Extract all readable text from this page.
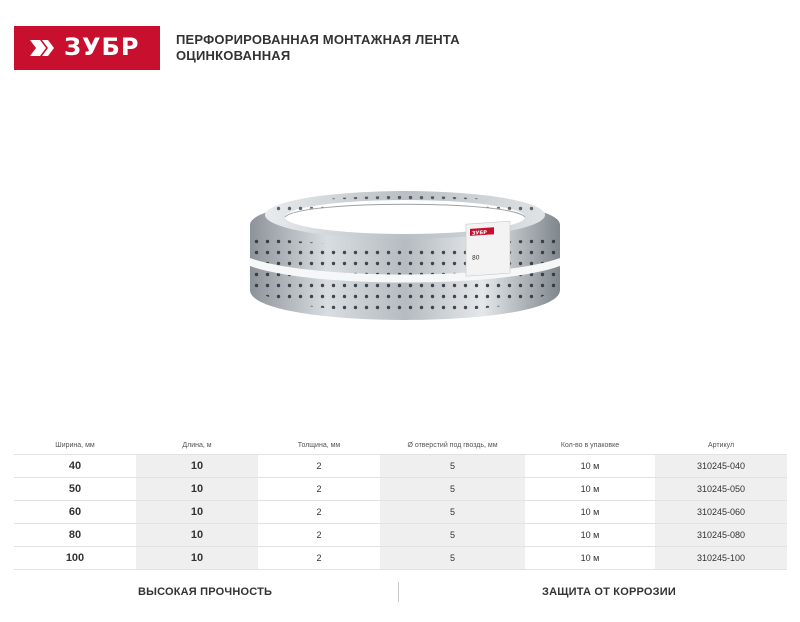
ЗУБР	ПЕРФОРИРОВАННАЯ МОНТАЖНАЯ ЛЕНТА
ОЦИНКОВАННАЯ
ЗУБР
80
Ширина, мм	Длина, м	Толщина, мм	Ø отверстий под гвоздь, мм	Кол-во в упаковке	Артикул
40	10	2	5	10 м	310245-040
50	10	2	5	10 м	310245-050
60	10	2	5	10 м	310245-060
80	10	2	5	10 м	310245-080
100	10	2	5	10 м	310245-100
ВЫСОКАЯ ПРОЧНОСТЬ	ЗАЩИТА ОТ КОРРОЗИИ
